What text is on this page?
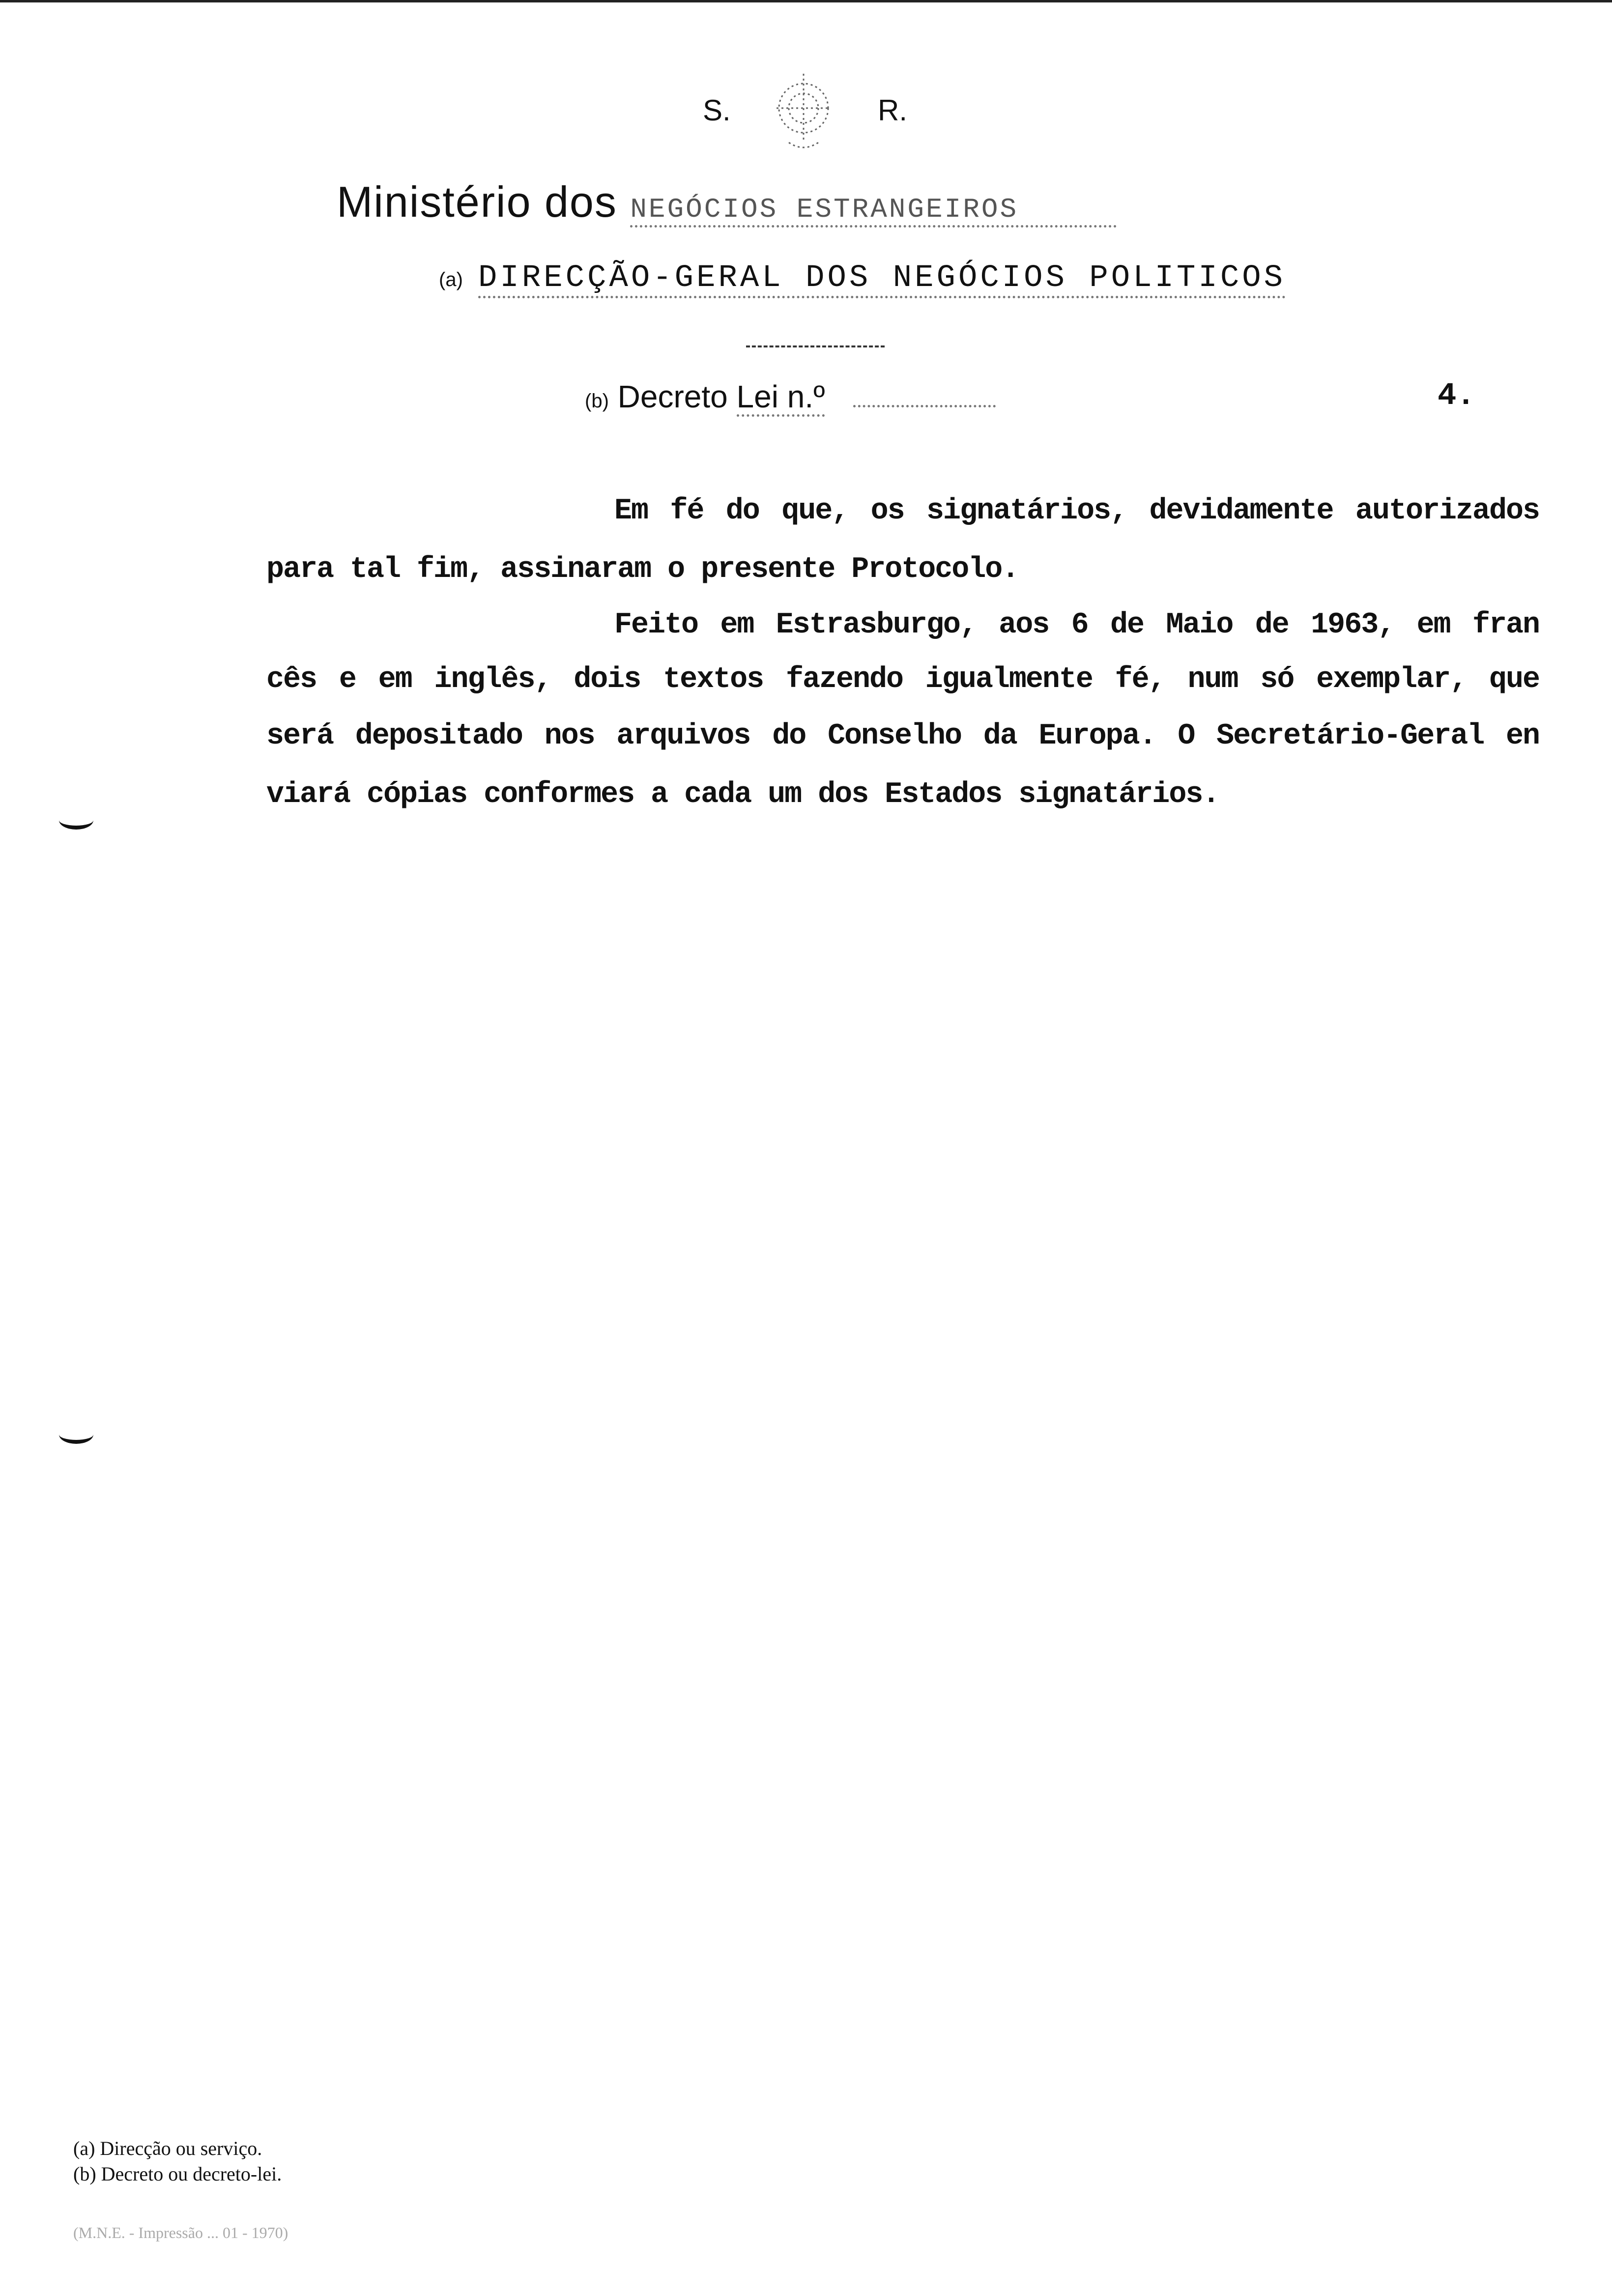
S.	R.
Ministério dos NEGÓCIOS ESTRANGEIROS
(a) DIRECÇÃO-GERAL DOS NEGÓCIOS POLITICOS
(b) Decreto Lei n.º	4.
Em fé do que, os signatários, devidamente autorizados
para tal fim, assinaram o presente Protocolo.
Feito em Estrasburgo, aos 6 de Maio de 1963, em fran
cês e em inglês, dois textos fazendo igualmente fé, num só exemplar, que
será depositado nos arquivos do Conselho da Europa. O Secretário-Geral en
viará cópias conformes a cada um dos Estados signatários.
(a) Direcção ou serviço.
(b) Decreto ou decreto-lei.
(M.N.E. - Impressão ... 01 - 1970)
